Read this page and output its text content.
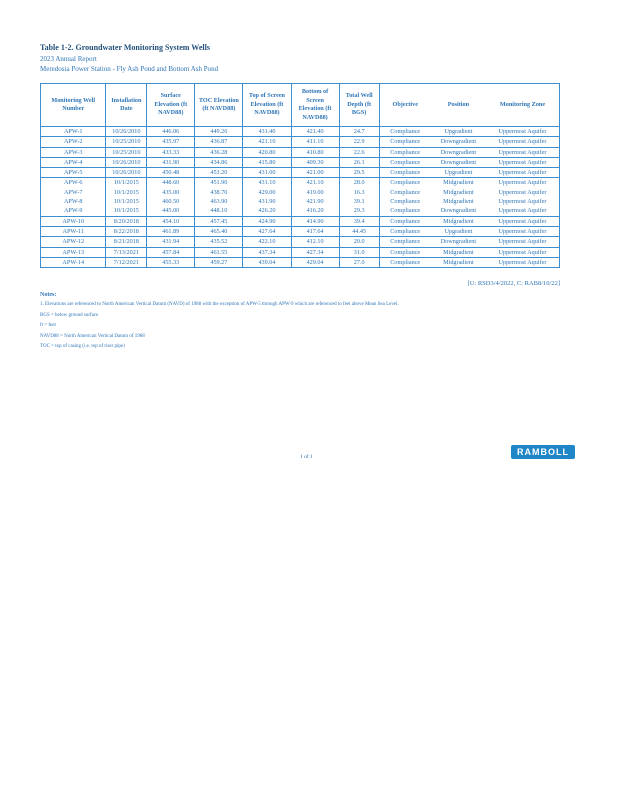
Table 1-2. Groundwater Monitoring System Wells
2023 Annual Report
Meredosia Power Station - Fly Ash Pond and Bottom Ash Pond
Monitoring Well Number	Installation Date	Surface Elevation (ft NAVD88)	TOC Elevation (ft NAVD88)	Top of Screen Elevation (ft NAVD88)	Bottom of Screen Elevation (ft NAVD88)	Total Well Depth (ft BGS)	Objective	Position	Monitoring Zone
APW-1	10/26/2010	446.06	449.26	431.40	421.40	24.7	Compliance	Upgradient	Uppermost Aquifer
APW-2	10/25/2010	435.97	436.87	421.10	411.10	22.9	Compliance	Downgradient	Uppermost Aquifer
APW-3	10/25/2010	433.33	436.28	420.80	410.80	22.6	Compliance	Downgradient	Uppermost Aquifer
APW-4	10/26/2010	431.90	434.86	415.80	409.30	26.1	Compliance	Downgradient	Uppermost Aquifer
APW-5	10/26/2010	450.48	453.20	431.00	421.00	29.5	Compliance	Upgradient	Uppermost Aquifer
APW-6	10/1/2015	448.60	451.90	431.10	421.10	28.0	Compliance	Midgradient	Uppermost Aquifer
APW-7	10/1/2015	435.00	438.70	429.00	419.00	16.3	Compliance	Midgradient	Uppermost Aquifer
APW-8	10/1/2015	460.50	463.90	431.90	421.90	39.1	Compliance	Midgradient	Uppermost Aquifer
APW-9	10/1/2015	445.00	448.10	426.20	416.20	29.3	Compliance	Downgradient	Uppermost Aquifer
APW-10	8/20/2018	454.10	457.45	424.90	414.90	39.4	Compliance	Midgradient	Uppermost Aquifer
APW-11	8/22/2018	461.89	465.40	427.64	417.64	44.45	Compliance	Upgradient	Uppermost Aquifer
APW-12	8/21/2018	431.94	435.52	422.10	412.10	20.0	Compliance	Downgradient	Uppermost Aquifer
APW-13	7/13/2021	457.84	461.55	437.34	427.34	31.0	Compliance	Midgradient	Uppermost Aquifer
APW-14	7/12/2021	455.33	459.27	439.04	429.04	27.0	Compliance	Midgradient	Uppermost Aquifer
[U: RSD3/4/2022, C: RAB8/10/22]
Notes:
1. Elevations are referenced to North American Vertical Datum (NAVD) of 1988 with the exception of APW-5 through APW-9 which are referenced to feet above Mean Sea Level.
BGS = below ground surface
ft = feet
NAVD88 = North American Vertical Datum of 1988
TOC = top of casing (i.e. top of riser pipe)
1 of 1	RAMBOLL
